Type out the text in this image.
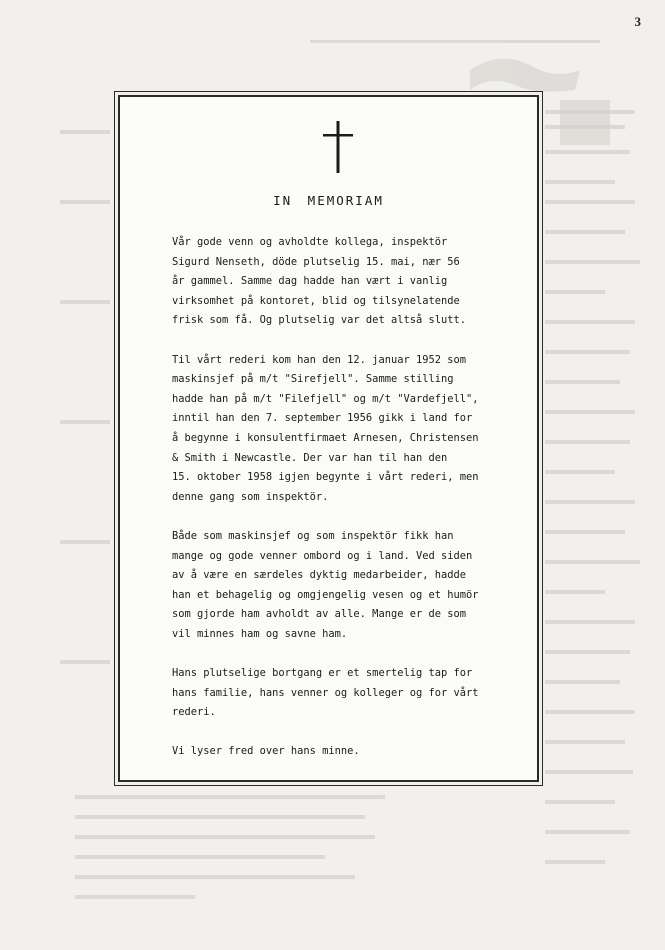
3
IN MEMORIAM

Vår gode venn og avholdte kollega, inspektör
Sigurd Nenseth, döde plutselig 15. mai, nær 56
år gammel. Samme dag hadde han vært i vanlig
virksomhet på kontoret, blid og tilsynelatende
frisk som få. Og plutselig var det altså slutt.

Til vårt rederi kom han den 12. januar 1952 som
maskinsjef på m/t "Sirefjell". Samme stilling
hadde han på m/t "Filefjell" og m/t "Vardefjell",
inntil han den 7. september 1956 gikk i land for
å begynne i konsulentfirmaet Arnesen, Christensen
& Smith i Newcastle. Der var han til han den
15. oktober 1958 igjen begynte i vårt rederi, men
denne gang som inspektör.

Både som maskinsjef og som inspektör fikk han
mange og gode venner ombord og i land. Ved siden
av å være en særdeles dyktig medarbeider, hadde
han et behagelig og omgjengelig vesen og et humör
som gjorde ham avholdt av alle. Mange er de som
vil minnes ham og savne ham.

Hans plutselige bortgang er et smertelig tap for
hans familie, hans venner og kolleger og for vårt
rederi.

Vi lyser fred over hans minne.
